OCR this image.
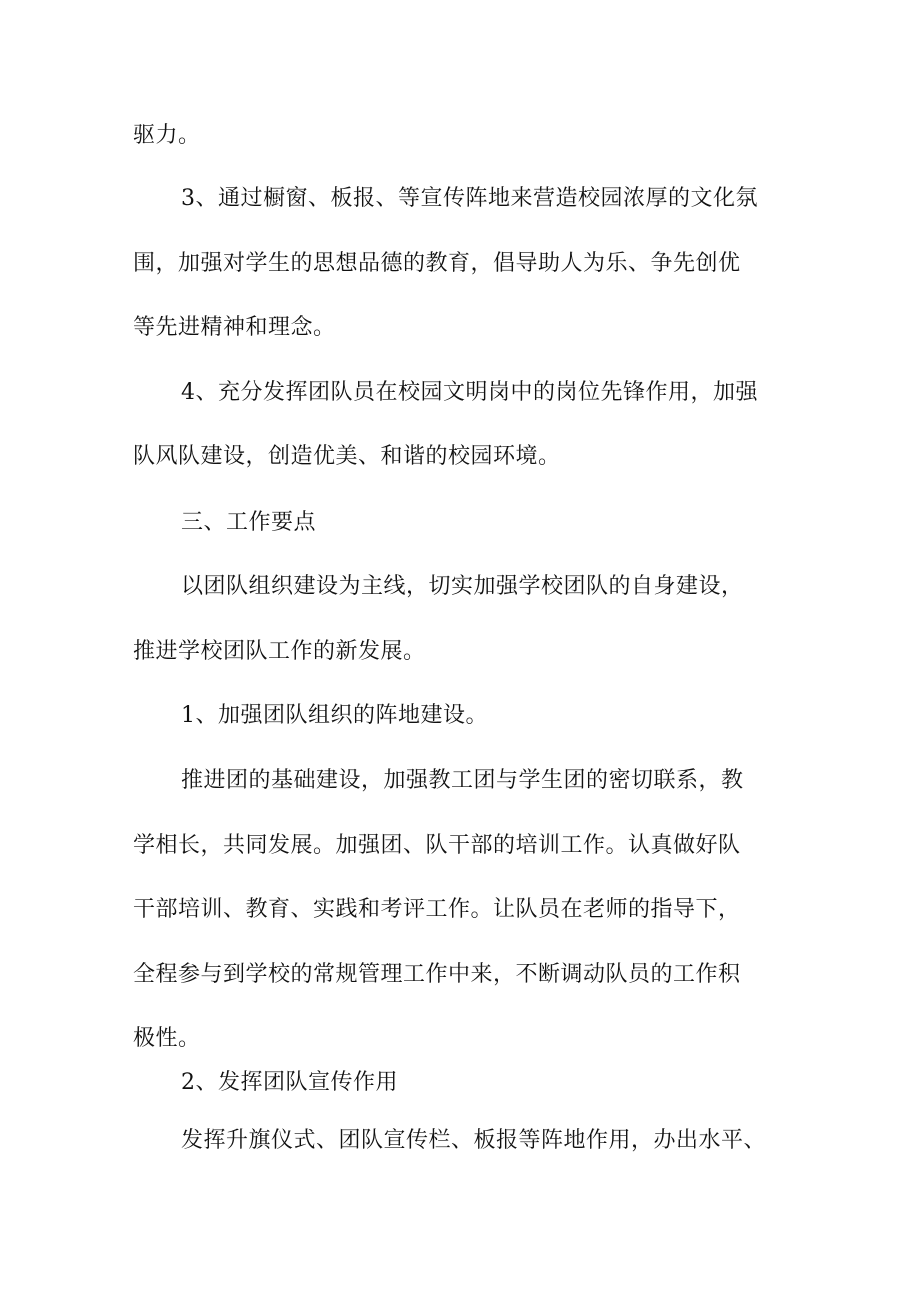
驱力。
3、通过橱窗、板报、等宣传阵地来营造校园浓厚的文化氛
围，加强对学生的思想品德的教育，倡导助人为乐、争先创优
等先进精神和理念。
4、充分发挥团队员在校园文明岗中的岗位先锋作用，加强
队风队建设，创造优美、和谐的校园环境。
三、工作要点
以团队组织建设为主线，切实加强学校团队的自身建设，
推进学校团队工作的新发展。
1、加强团队组织的阵地建设。
推进团的基础建设，加强教工团与学生团的密切联系，教
学相长，共同发展。加强团、队干部的培训工作。认真做好队
干部培训、教育、实践和考评工作。让队员在老师的指导下，
全程参与到学校的常规管理工作中来，不断调动队员的工作积
极性。
2、发挥团队宣传作用
发挥升旗仪式、团队宣传栏、板报等阵地作用，办出水平、
